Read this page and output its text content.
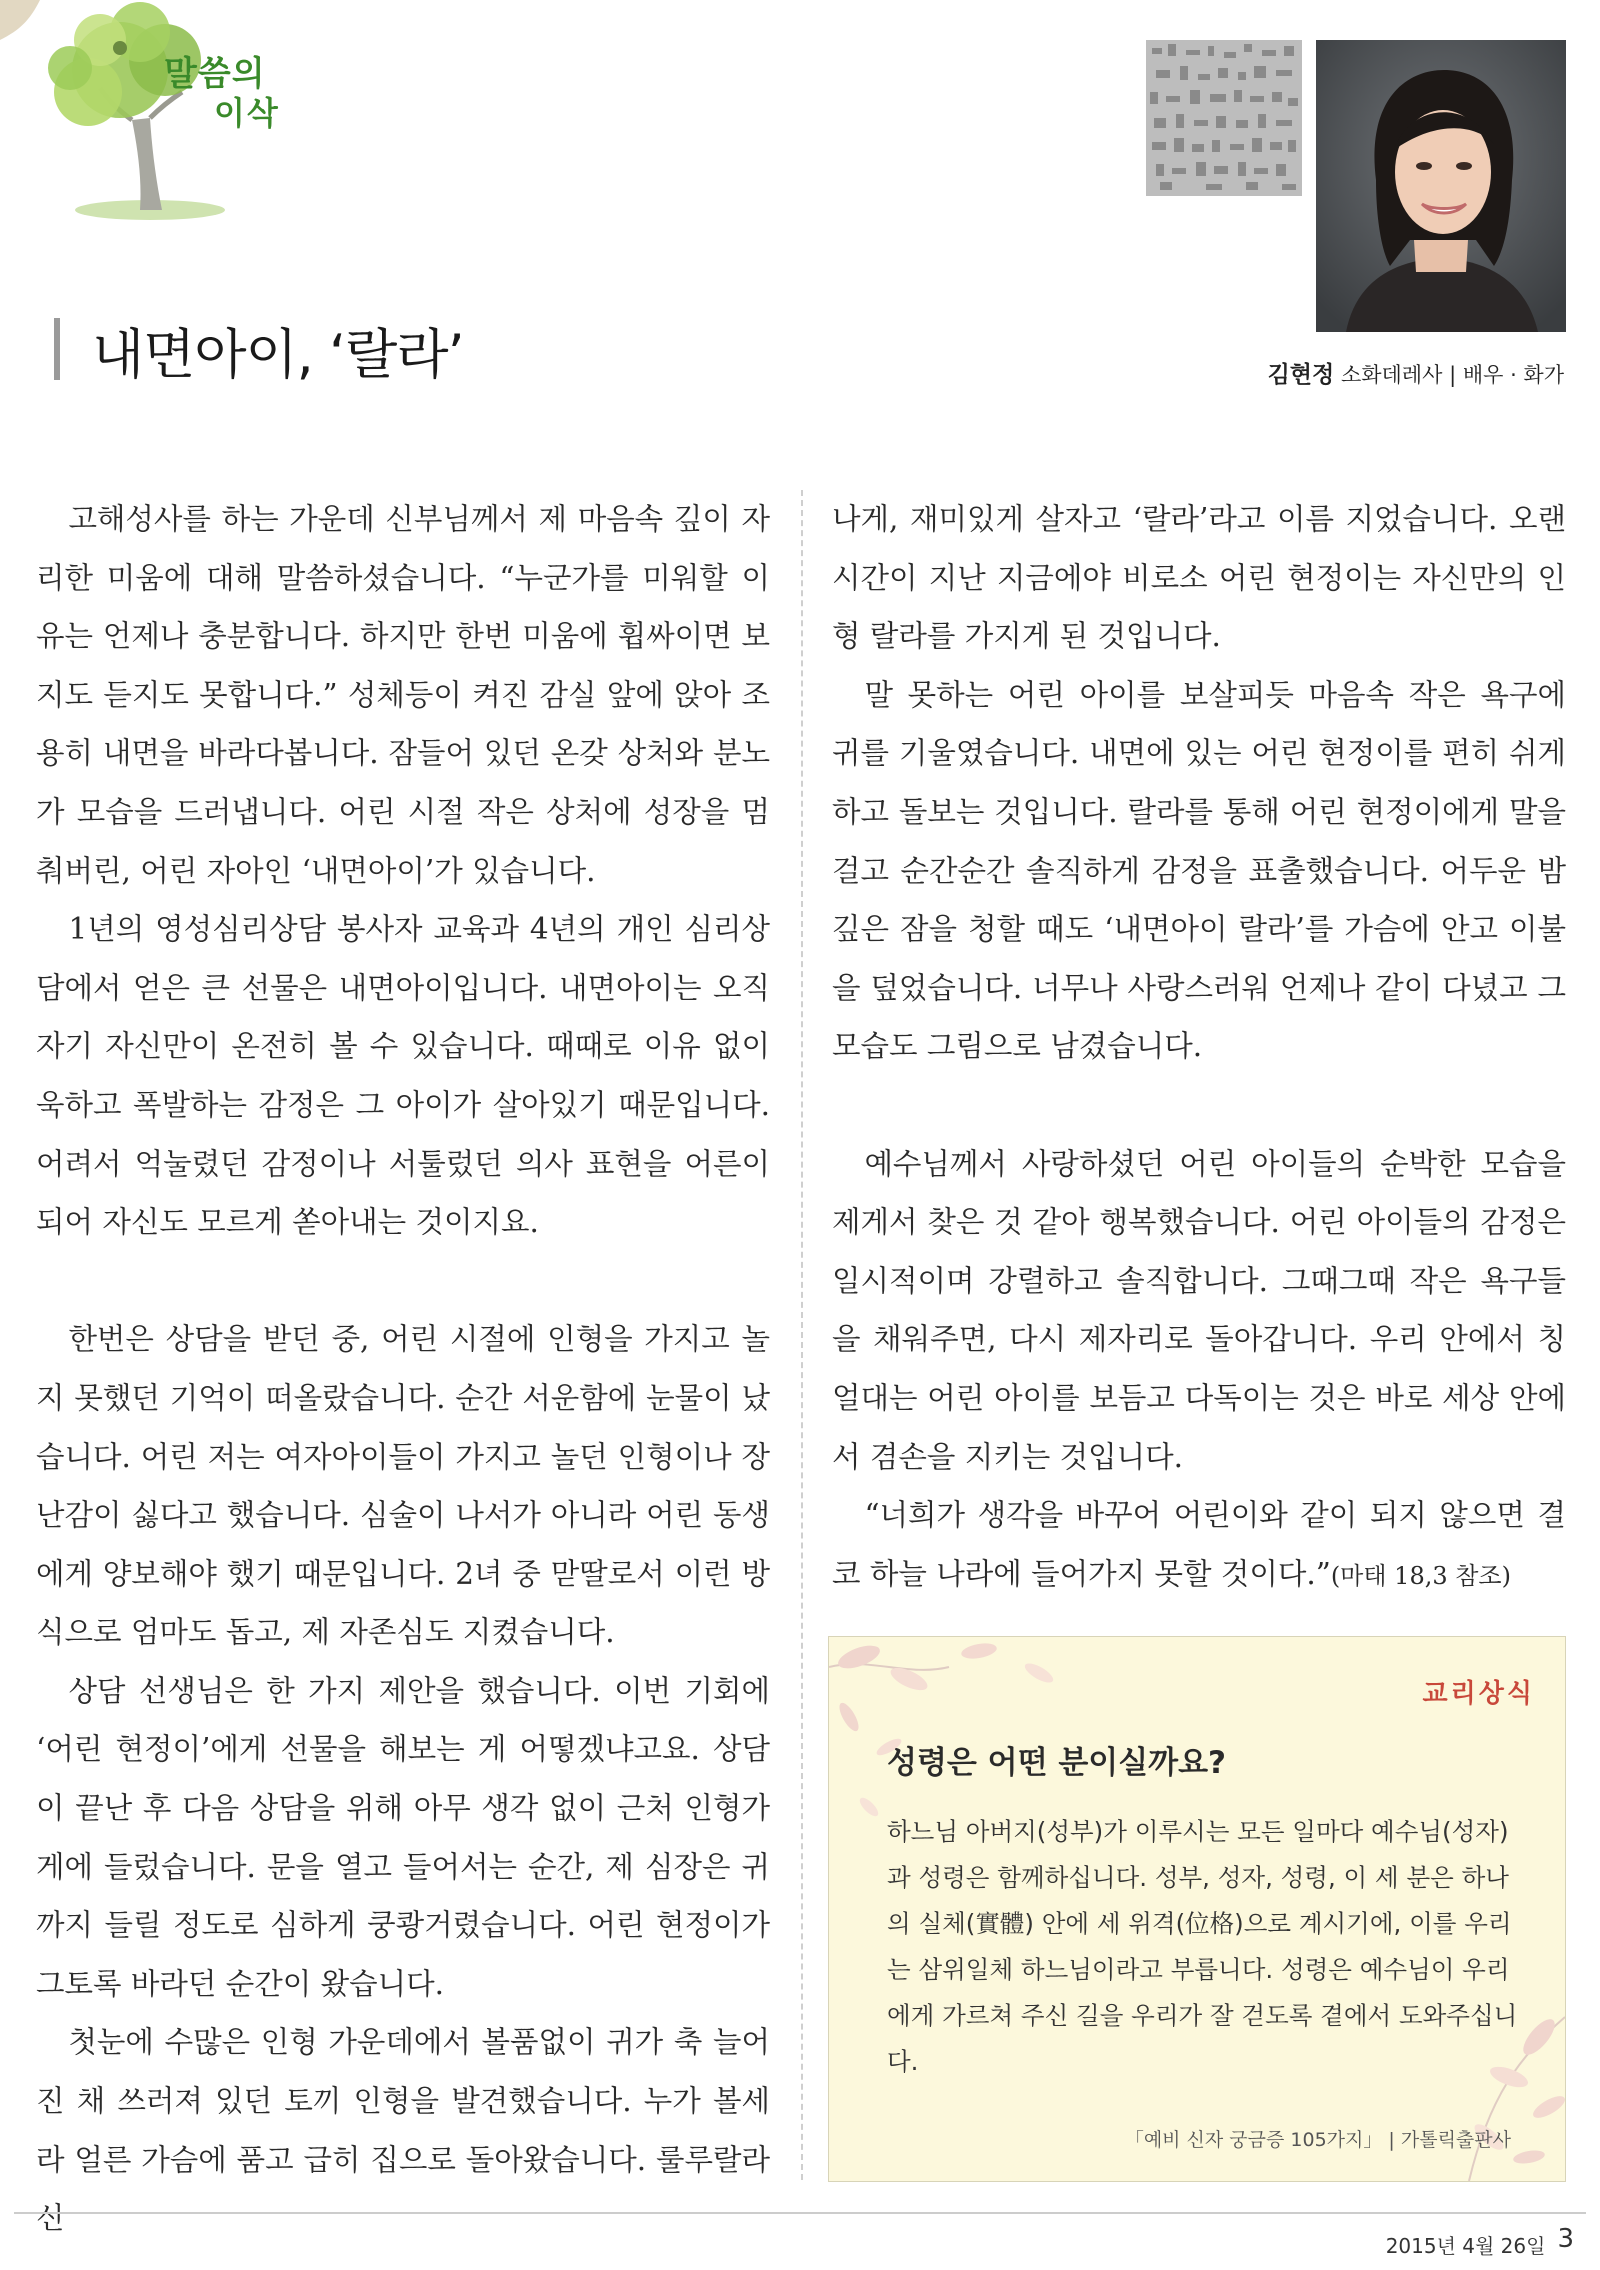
말씀의
이삭
김현정 소화데레사 | 배우 · 화가
내면아이, ‘랄라’

고해성사를 하는 가운데 신부님께서 제 마음속 깊이 자리한 미움에 대해 말씀하셨습니다. “누군가를 미워할 이유는 언제나 충분합니다. 하지만 한번 미움에 휩싸이면 보지도 듣지도 못합니다.” 성체등이 켜진 감실 앞에 앉아 조용히 내면을 바라다봅니다. 잠들어 있던 온갖 상처와 분노가 모습을 드러냅니다. 어린 시절 작은 상처에 성장을 멈춰버린, 어린 자아인 ‘내면아이’가 있습니다.

1년의 영성심리상담 봉사자 교육과 4년의 개인 심리상담에서 얻은 큰 선물은 내면아이입니다. 내면아이는 오직 자기 자신만이 온전히 볼 수 있습니다. 때때로 이유 없이 욱하고 폭발하는 감정은 그 아이가 살아있기 때문입니다. 어려서 억눌렸던 감정이나 서툴렀던 의사 표현을 어른이 되어 자신도 모르게 쏟아내는 것이지요.

한번은 상담을 받던 중, 어린 시절에 인형을 가지고 놀지 못했던 기억이 떠올랐습니다. 순간 서운함에 눈물이 났습니다. 어린 저는 여자아이들이 가지고 놀던 인형이나 장난감이 싫다고 했습니다. 심술이 나서가 아니라 어린 동생에게 양보해야 했기 때문입니다. 2녀 중 맏딸로서 이런 방식으로 엄마도 돕고, 제 자존심도 지켰습니다.

상담 선생님은 한 가지 제안을 했습니다. 이번 기회에 ‘어린 현정이’에게 선물을 해보는 게 어떻겠냐고요. 상담이 끝난 후 다음 상담을 위해 아무 생각 없이 근처 인형가게에 들렀습니다. 문을 열고 들어서는 순간, 제 심장은 귀까지 들릴 정도로 심하게 쿵쾅거렸습니다. 어린 현정이가 그토록 바라던 순간이 왔습니다.

첫눈에 수많은 인형 가운데에서 볼품없이 귀가 축 늘어진 채 쓰러져 있던 토끼 인형을 발견했습니다. 누가 볼세라 얼른 가슴에 품고 급히 집으로 돌아왔습니다. 룰루랄라 신

나게, 재미있게 살자고 ‘랄라’라고 이름 지었습니다. 오랜 시간이 지난 지금에야 비로소 어린 현정이는 자신만의 인형 랄라를 가지게 된 것입니다.

말 못하는 어린 아이를 보살피듯 마음속 작은 욕구에 귀를 기울였습니다. 내면에 있는 어린 현정이를 편히 쉬게 하고 돌보는 것입니다. 랄라를 통해 어린 현정이에게 말을 걸고 순간순간 솔직하게 감정을 표출했습니다. 어두운 밤 깊은 잠을 청할 때도 ‘내면아이 랄라’를 가슴에 안고 이불을 덮었습니다. 너무나 사랑스러워 언제나 같이 다녔고 그 모습도 그림으로 남겼습니다.

예수님께서 사랑하셨던 어린 아이들의 순박한 모습을 제게서 찾은 것 같아 행복했습니다. 어린 아이들의 감정은 일시적이며 강렬하고 솔직합니다. 그때그때 작은 욕구들을 채워주면, 다시 제자리로 돌아갑니다. 우리 안에서 칭얼대는 어린 아이를 보듬고 다독이는 것은 바로 세상 안에서 겸손을 지키는 것입니다.

“너희가 생각을 바꾸어 어린이와 같이 되지 않으면 결코 하늘 나라에 들어가지 못할 것이다.”(마태 18,3 참조)

교리상식
성령은 어떤 분이실까요?
하느님 아버지(성부)가 이루시는 모든 일마다 예수님(성자)과 성령은 함께하십니다. 성부, 성자, 성령, 이 세 분은 하나의 실체(實體) 안에 세 위격(位格)으로 계시기에, 이를 우리는 삼위일체 하느님이라고 부릅니다. 성령은 예수님이 우리에게 가르쳐 주신 길을 우리가 잘 걷도록 곁에서 도와주십니다.
「예비 신자 궁금증 105가지」 | 가톨릭출판사
2015년 4월 26일 3
